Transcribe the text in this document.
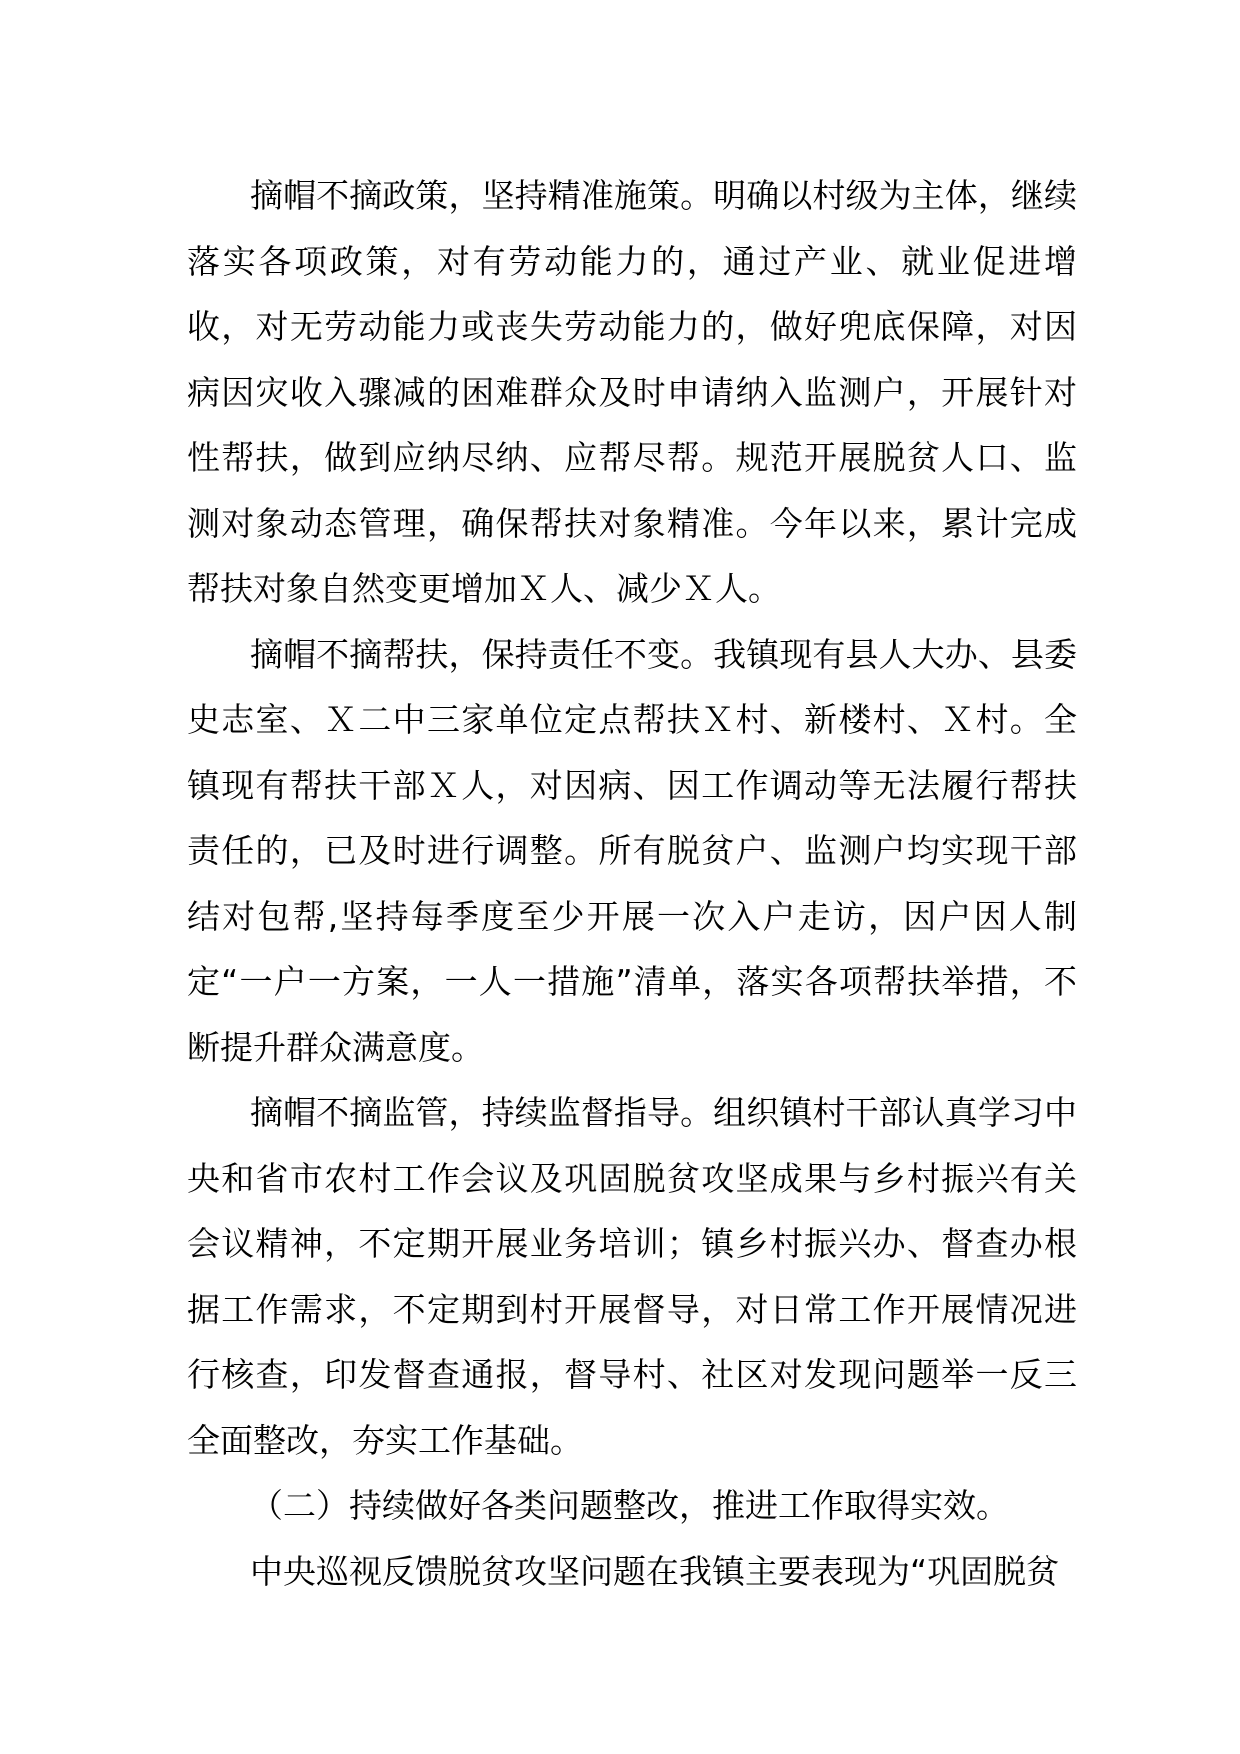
摘帽不摘政策，坚持精准施策。明确以村级为主体，继续落实各项政策，对有劳动能力的，通过产业、就业促进增收，对无劳动能力或丧失劳动能力的，做好兜底保障，对因病因灾收入骤减的困难群众及时申请纳入监测户，开展针对性帮扶，做到应纳尽纳、应帮尽帮。规范开展脱贫人口、监测对象动态管理，确保帮扶对象精准。今年以来，累计完成帮扶对象自然变更增加Ｘ人、减少Ｘ人。

摘帽不摘帮扶，保持责任不变。我镇现有县人大办、县委史志室、Ｘ二中三家单位定点帮扶Ｘ村、新楼村、Ｘ村。全镇现有帮扶干部Ｘ人，对因病、因工作调动等无法履行帮扶责任的，已及时进行调整。所有脱贫户、监测户均实现干部结对包帮,坚持每季度至少开展一次入户走访，因户因人制定“一户一方案，一人一措施”清单，落实各项帮扶举措，不断提升群众满意度。

摘帽不摘监管，持续监督指导。组织镇村干部认真学习中央和省市农村工作会议及巩固脱贫攻坚成果与乡村振兴有关会议精神，不定期开展业务培训；镇乡村振兴办、督查办根据工作需求，不定期到村开展督导，对日常工作开展情况进行核查，印发督查通报，督导村、社区对发现问题举一反三全面整改，夯实工作基础。

（二）持续做好各类问题整改，推进工作取得实效。

中央巡视反馈脱贫攻坚问题在我镇主要表现为“巩固脱贫
